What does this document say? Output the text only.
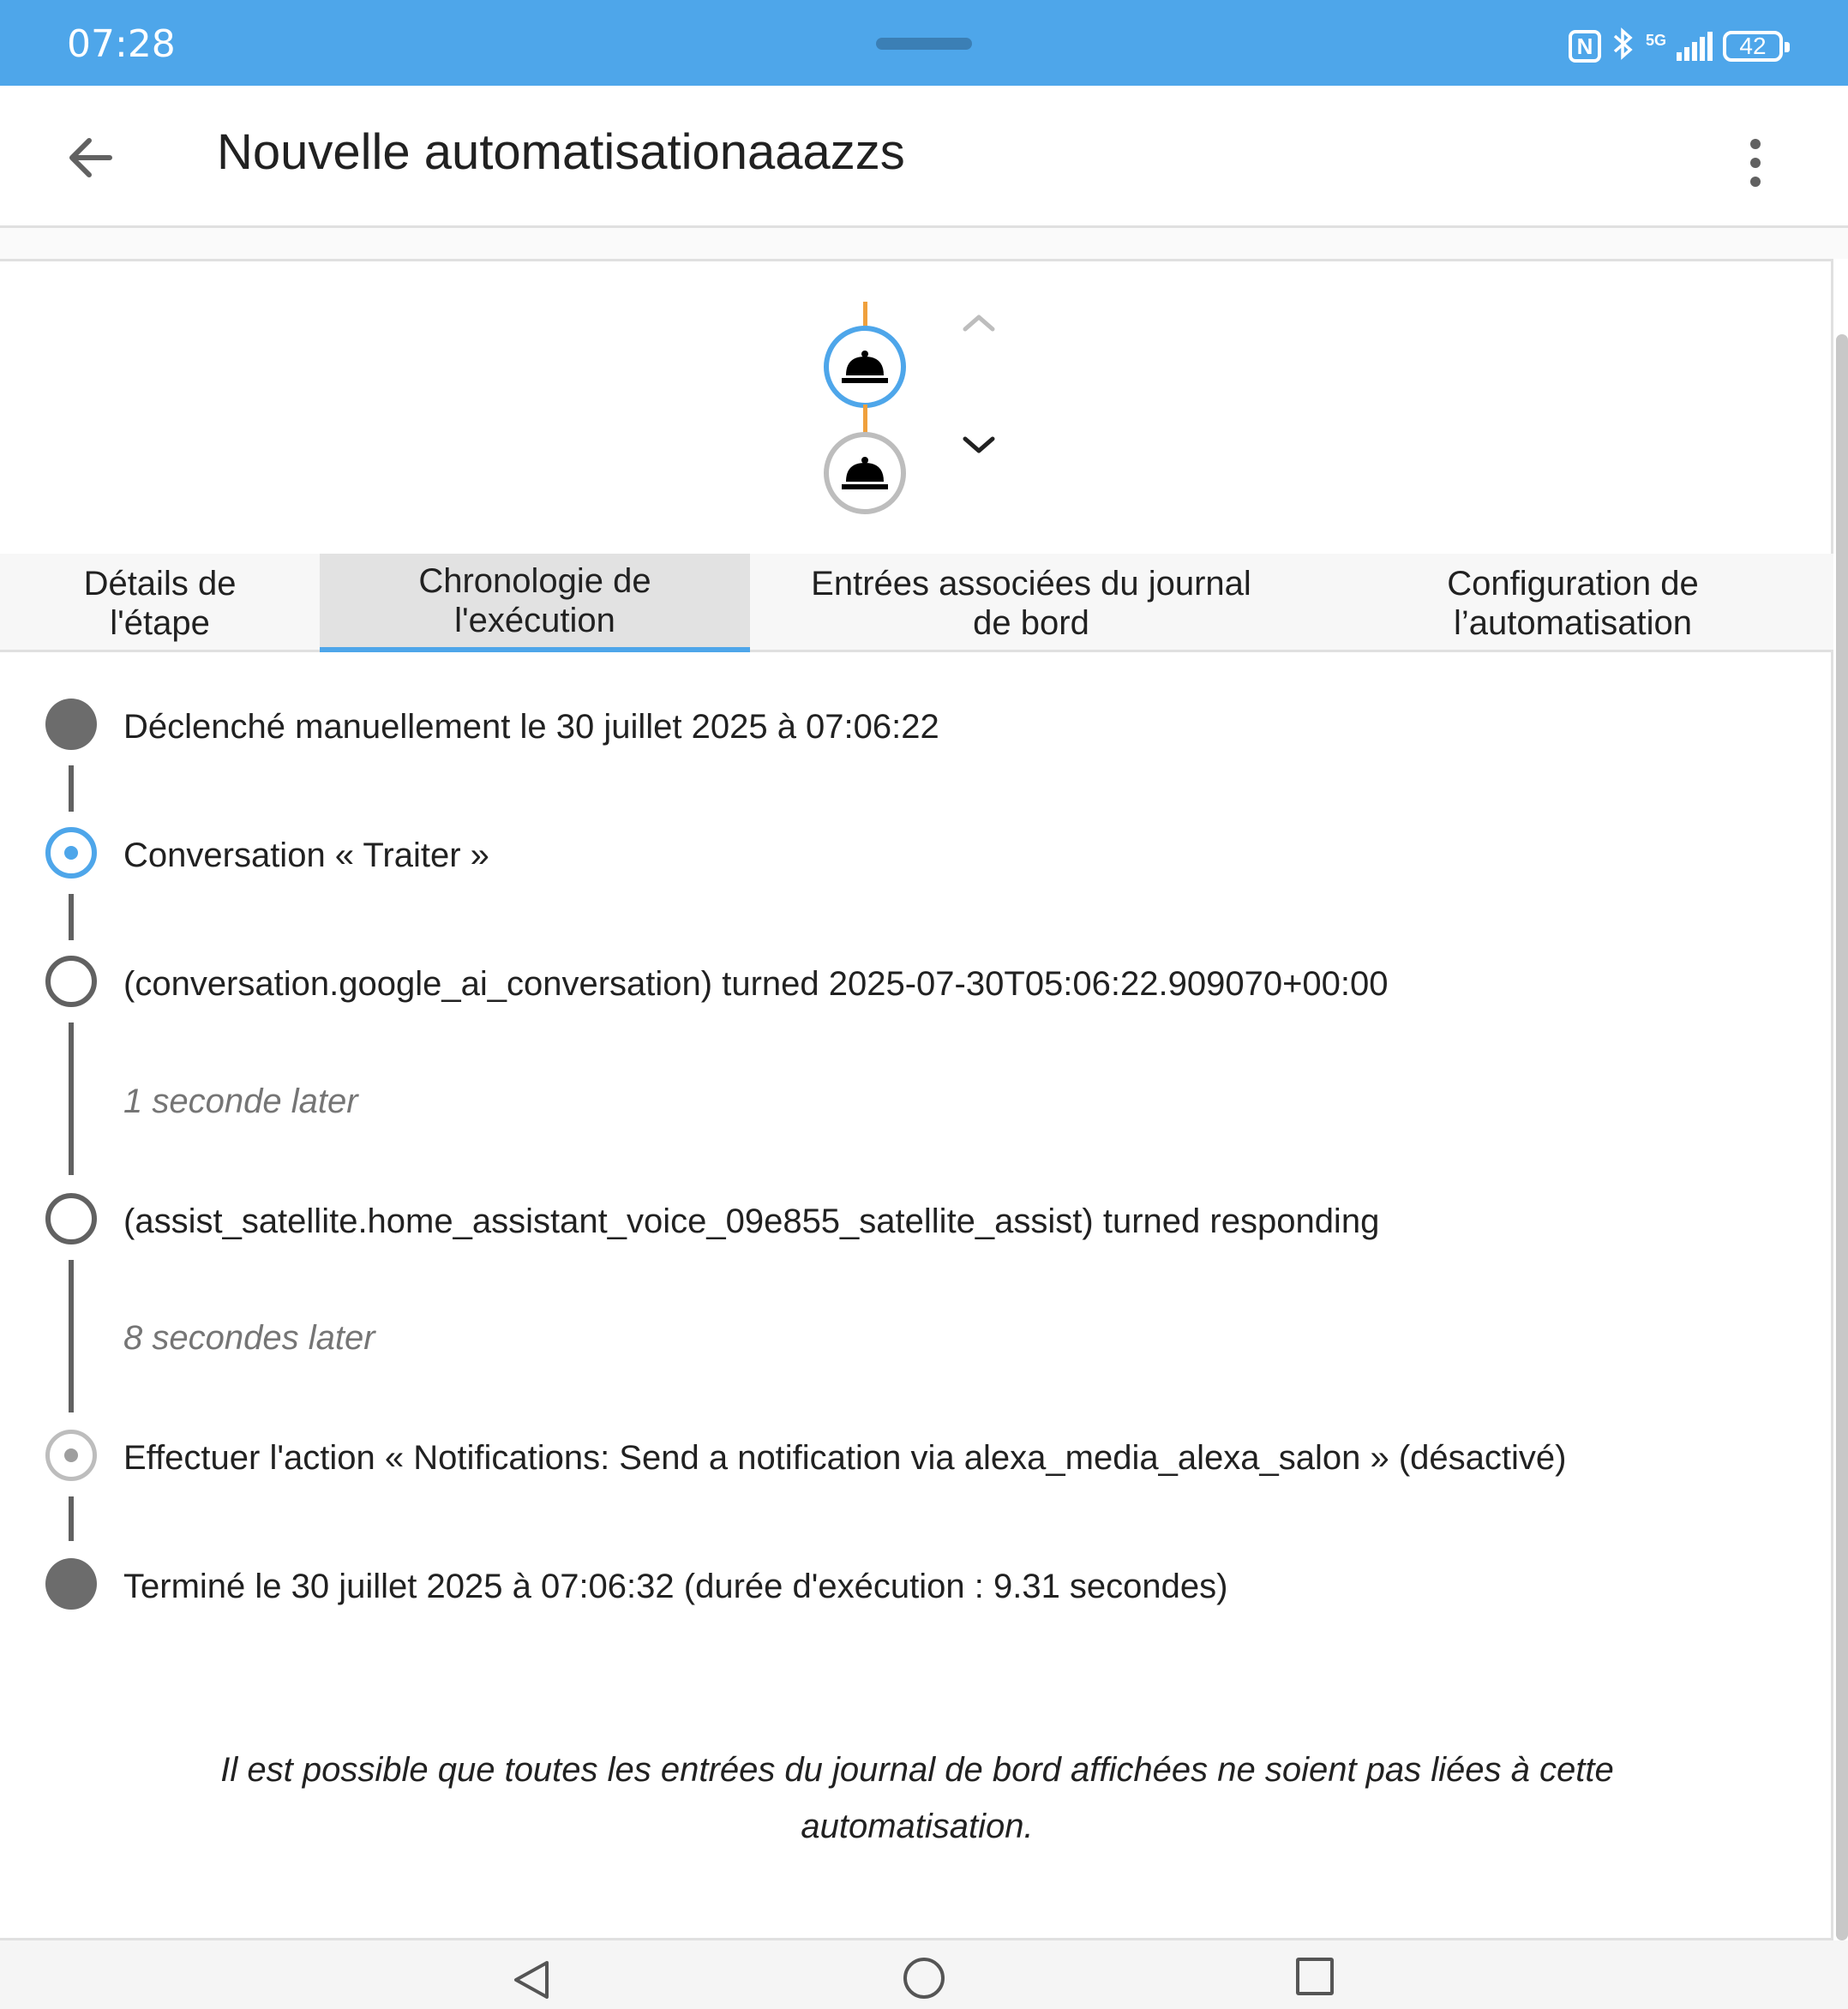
07:28	N	5G	42
Nouvelle automatisationaaazzs
Détails de
l'étape
Chronologie de
l'exécution
Entrées associées du journal
de bord
Configuration de
l’automatisation
Déclenché manuellement le 30 juillet 2025 à 07:06:22
Conversation « Traiter »
(conversation.google_ai_conversation) turned 2025-07-30T05:06:22.909070+00:00
1 seconde later
(assist_satellite.home_assistant_voice_09e855_satellite_assist) turned responding
8 secondes later
Effectuer l'action « Notifications: Send a notification via alexa_media_alexa_salon » (désactivé)
Terminé le 30 juillet 2025 à 07:06:32 (durée d'exécution : 9.31 secondes)
Il est possible que toutes les entrées du journal de bord affichées ne soient pas liées à cette
automatisation.
